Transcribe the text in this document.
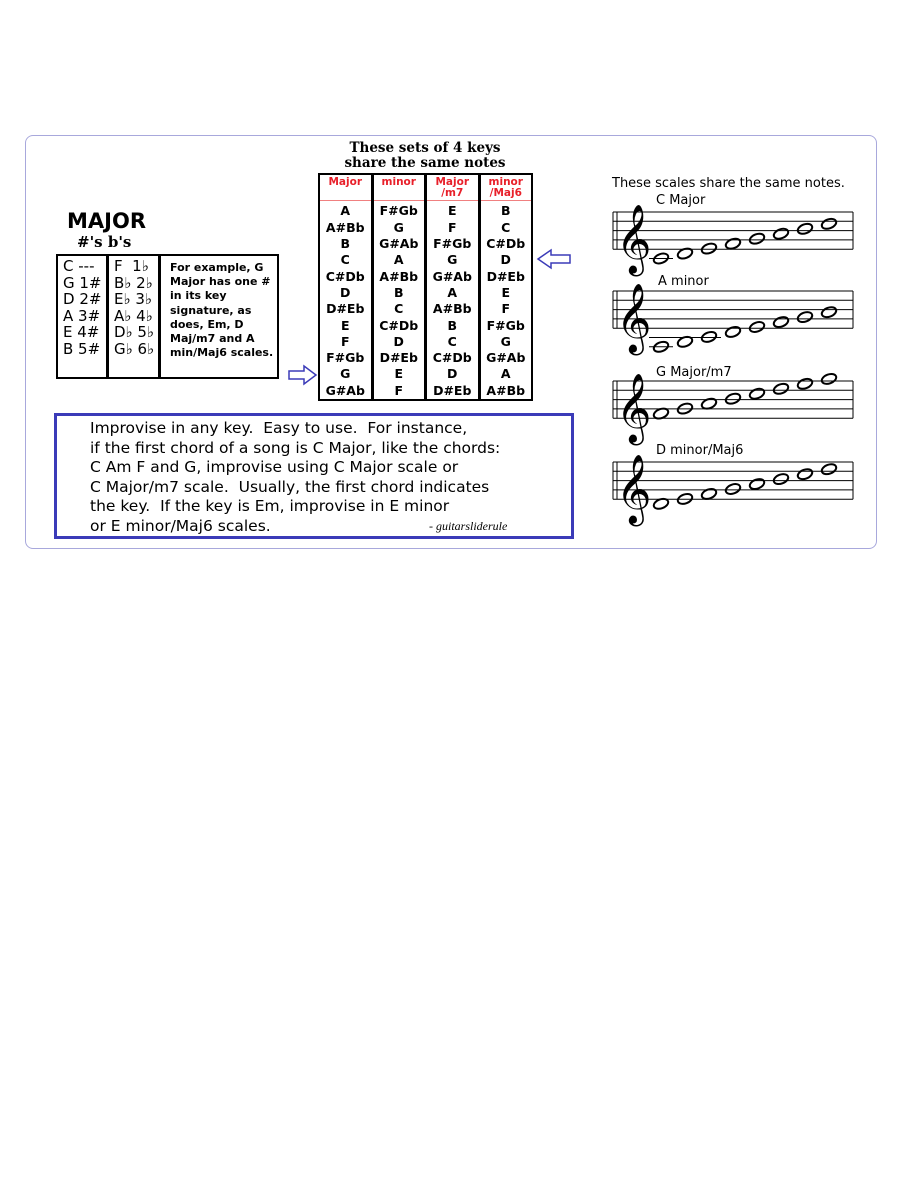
These sets of 4 keys
share the same notes
Major
A
A#Bb
B
C
C#Db
D
D#Eb
E
F
F#Gb
G
G#Ab
minor
F#Gb
G
G#Ab
A
A#Bb
B
C
C#Db
D
D#Eb
E
F
Major
/m7
E
F
F#Gb
G
G#Ab
A
A#Bb
B
C
C#Db
D
D#Eb
minor
/Maj6
B
C
C#Db
D
D#Eb
E
F
F#Gb
G
G#Ab
A
A#Bb
MAJOR
#'s b's
C ---
G 1#
D 2#
A 3#
E 4#
B 5#
F  1♭
B♭ 2♭
E♭ 3♭
A♭ 4♭
D♭ 5♭
G♭ 6♭
For example, G Major has one # in its key signature, as does, Em, D Maj/m7 and A min/Maj6 scales.
Improvise in any key.  Easy to use.  For instance,
if the first chord of a song is C Major, like the chords:
C Am F and G, improvise using C Major scale or
C Major/m7 scale.  Usually, the first chord indicates
the key.  If the key is Em, improvise in E minor
or E minor/Maj6 scales.	- guitarsliderule
These scales share the same notes.
C Major
A minor
G Major/m7
D minor/Maj6
𝄞
𝄞
𝄞
𝄞
